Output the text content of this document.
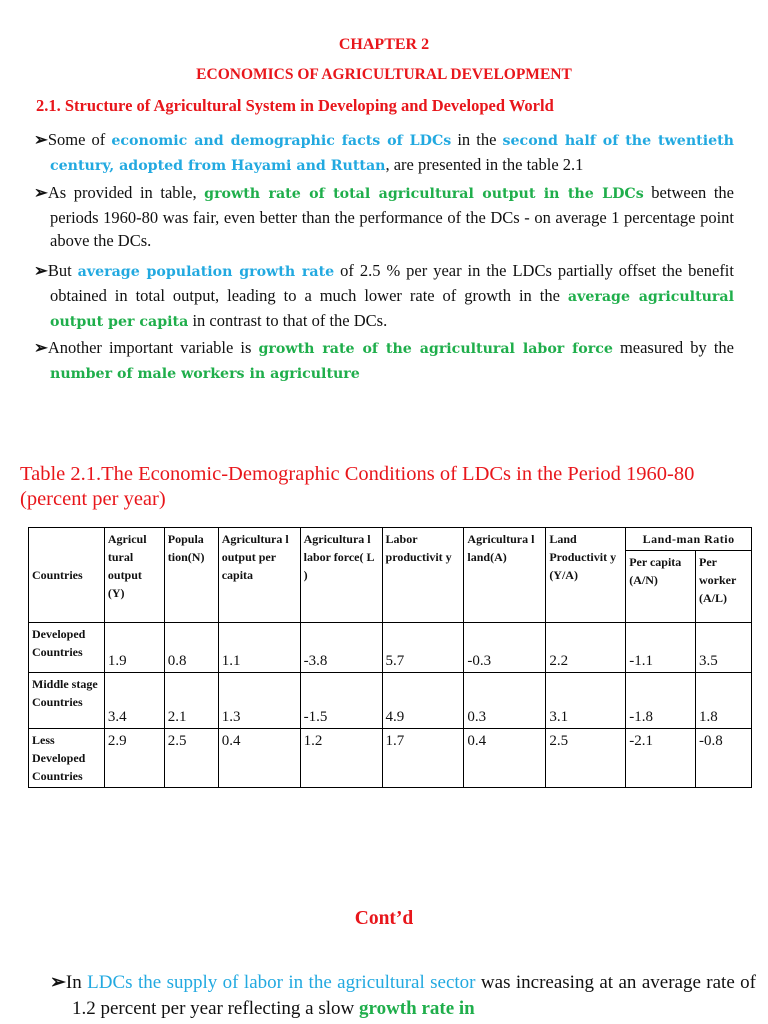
CHAPTER 2
ECONOMICS OF AGRICULTURAL DEVELOPMENT
2.1. Structure of Agricultural System in Developing and Developed World
➢Some of economic and demographic facts of LDCs in the second half of the twentieth century, adopted from Hayami and Ruttan, are presented in the table 2.1
➢As provided in table, growth rate of total agricultural output in the LDCs between the periods 1960-80 was fair, even better than the performance of the DCs - on average 1 percentage point above the DCs.
➢But average population growth rate of 2.5 % per year in the LDCs partially offset the benefit obtained in total output, leading to a much lower rate of growth in the average agricultural output per capita in contrast to that of the DCs.
➢Another important variable is growth rate of the agricultural labor force measured by the number of male workers in agriculture
Table 2.1.The Economic-Demographic Conditions of LDCs in the Period 1960-80 (percent per year)
Countries	Agricul tural output (Y)	Popula tion(N)	Agricultura l output per capita	Agricultura l labor force( L )	Labor productivit y	Agricultura l land(A)	Land Productivit y (Y/A)	Land-man Ratio	
								Per capita (A/N)	Per worker (A/L)
Developed Countries	1.9	0.8	1.1	-3.8	5.7	-0.3	2.2	-1.1	3.5
Middle stage Countries	3.4	2.1	1.3	-1.5	4.9	0.3	3.1	-1.8	1.8
Less Developed Countries	2.9	2.5	0.4	1.2	1.7	0.4	2.5	-2.1	-0.8
Cont’d
➢In LDCs the supply of labor in the agricultural sector was increasing at an average rate of 1.2 percent per year reflecting a slow growth rate in
